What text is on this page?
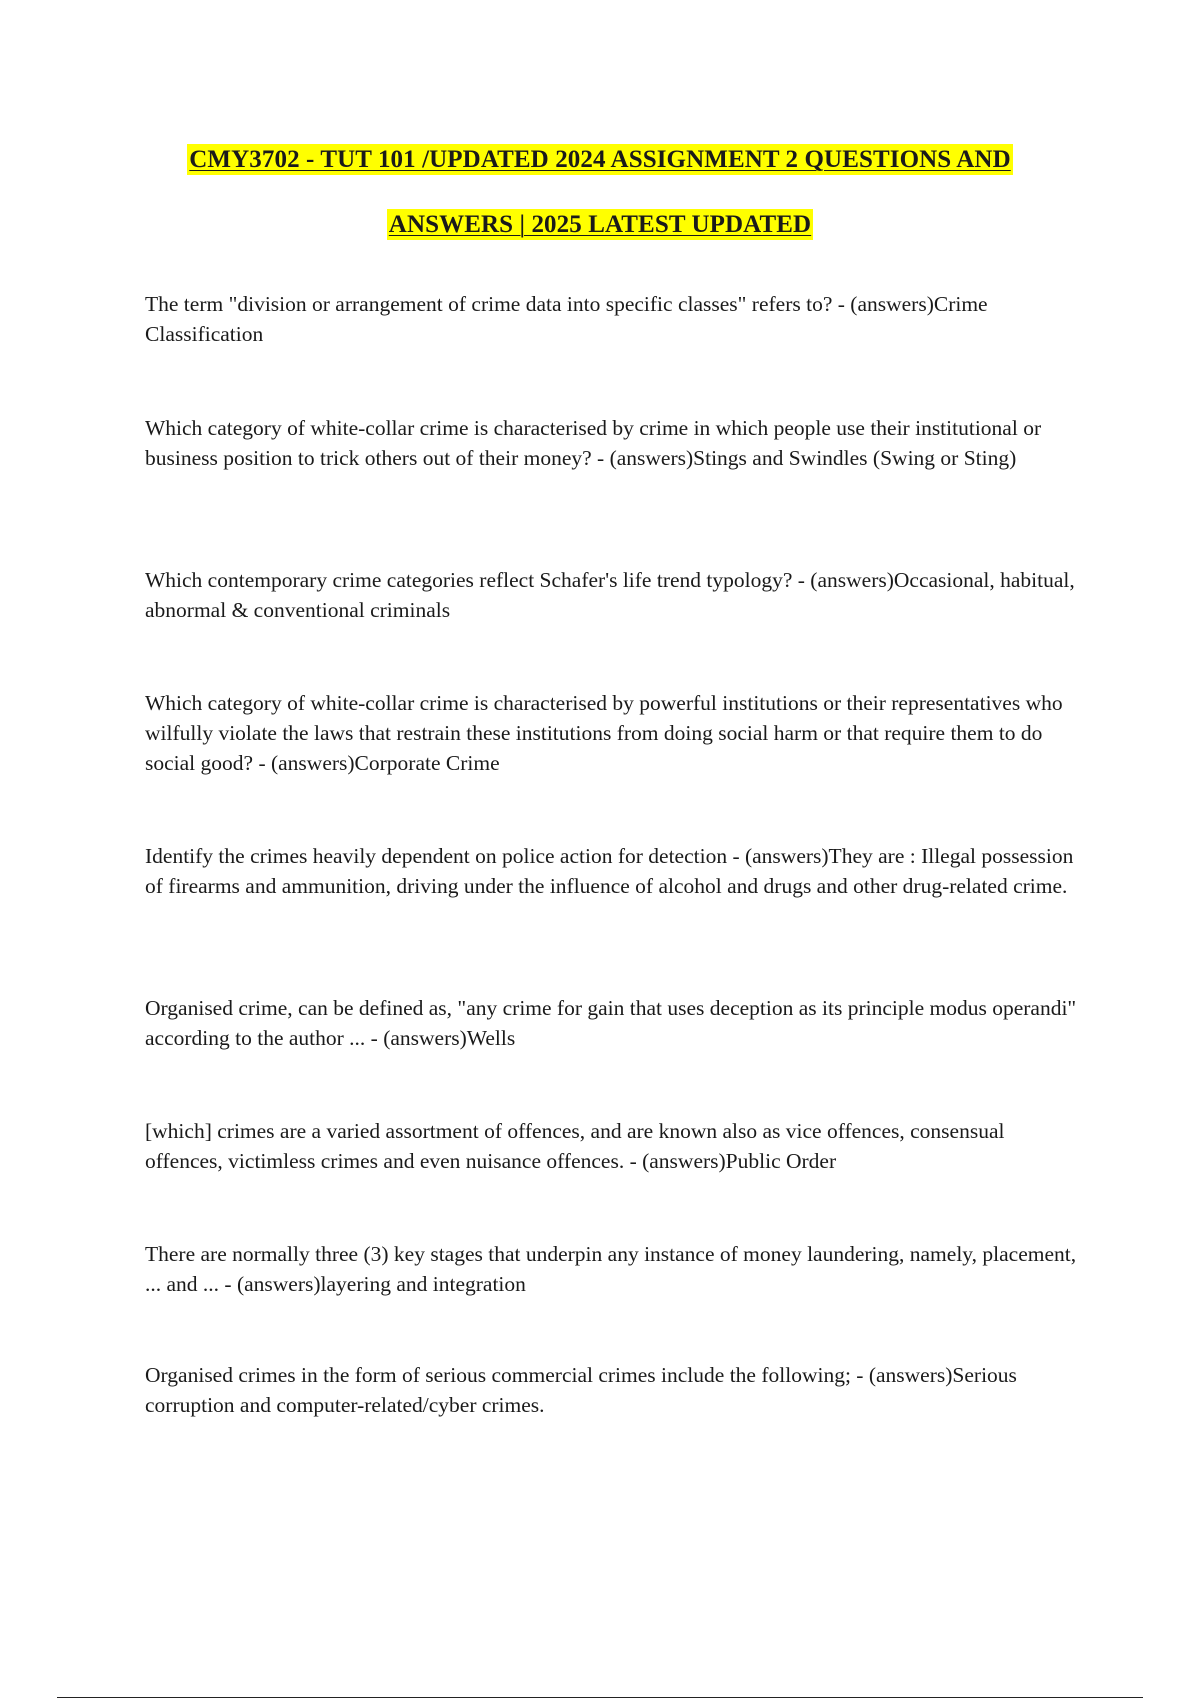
CMY3702 - TUT 101 /UPDATED 2024 ASSIGNMENT 2 QUESTIONS AND
ANSWERS | 2025 LATEST UPDATED

The term "division or arrangement of crime data into specific classes" refers to? - (answers)Crime Classification

Which category of white-collar crime is characterised by crime in which people use their institutional or business position to trick others out of their money? - (answers)Stings and Swindles (Swing or Sting)

Which contemporary crime categories reflect Schafer's life trend typology? - (answers)Occasional, habitual, abnormal & conventional criminals

Which category of white-collar crime is characterised by powerful institutions or their representatives who wilfully violate the laws that restrain these institutions from doing social harm or that require them to do social good? - (answers)Corporate Crime

Identify the crimes heavily dependent on police action for detection - (answers)They are : Illegal possession of firearms and ammunition, driving under the influence of alcohol and drugs and other drug-related crime.

Organised crime, can be defined as, "any crime for gain that uses deception as its principle modus operandi" according to the author ... - (answers)Wells

[which] crimes are a varied assortment of offences, and are known also as vice offences, consensual offences, victimless crimes and even nuisance offences. - (answers)Public Order

There are normally three (3) key stages that underpin any instance of money laundering, namely, placement, ... and ... - (answers)layering and integration

Organised crimes in the form of serious commercial crimes include the following; - (answers)Serious corruption and computer-related/cyber crimes.
